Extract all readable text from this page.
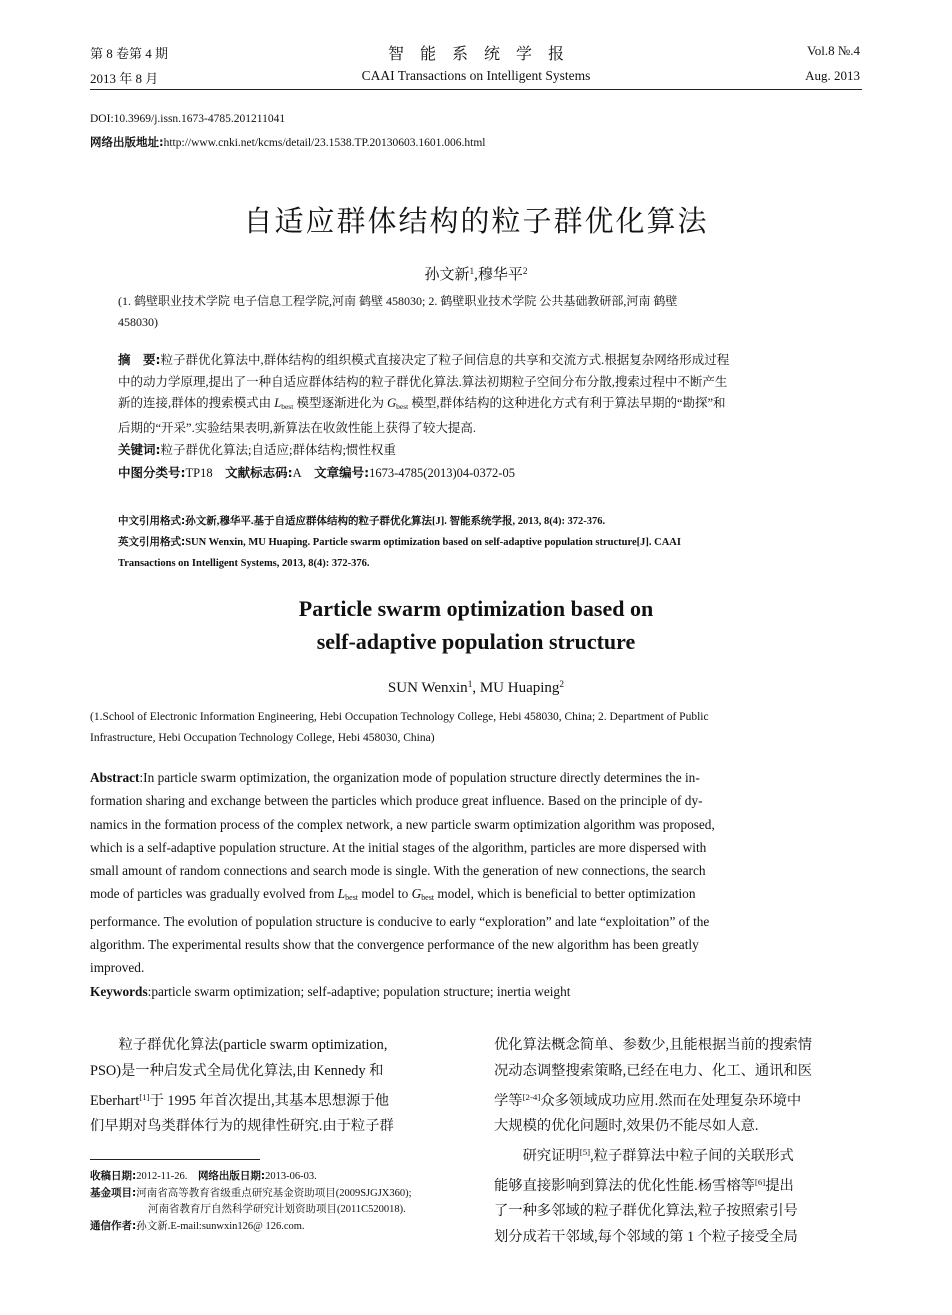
第 8 卷第 4 期
2013 年 8 月
智　能　系　统　学　报
CAAI Transactions on Intelligent Systems
Vol.8 №.4
Aug. 2013
DOI:10.3969/j.issn.1673-4785.201211041
网络出版地址:http://www.cnki.net/kcms/detail/23.1538.TP.20130603.1601.006.html
自适应群体结构的粒子群优化算法
孙文新$^1$,穆华平$^2$
(1. 鹤壁职业技术学院 电子信息工程学院,河南 鹤壁 458030; 2. 鹤壁职业技术学院 公共基础教研部,河南 鹤壁
458030)
摘　要:粒子群优化算法中,群体结构的组织模式直接决定了粒子间信息的共享和交流方式.根据复杂网络形成过程
中的动力学原理,提出了一种自适应群体结构的粒子群优化算法.算法初期粒子空间分布分散,搜索过程中不断产生
新的连接,群体的搜索模式由 $L_{best}$ 模型逐渐进化为 $G_{best}$ 模型,群体结构的这种进化方式有利于算法早期的“勘探”和
后期的“开采”.实验结果表明,新算法在收敛性能上获得了较大提高.
关键词:粒子群优化算法;自适应;群体结构;惯性权重
中图分类号:TP18 文献标志码:A 文章编号:1673-4785(2013)04-0372-05
中文引用格式:孙文新,穆华平.基于自适应群体结构的粒子群优化算法[J]. 智能系统学报, 2013, 8(4): 372-376.
英文引用格式:SUN Wenxin, MU Huaping. Particle swarm optimization based on self-adaptive population structure[J]. CAAI
Transactions on Intelligent Systems, 2013, 8(4): 372-376.
Particle swarm optimization based on
self-adaptive population structure
SUN Wenxin$^1$, MU Huaping$^2$
(1.School of Electronic Information Engineering, Hebi Occupation Technology College, Hebi 458030, China; 2. Department of Public
Infrastructure, Hebi Occupation Technology College, Hebi 458030, China)
Abstract:In particle swarm optimization, the organization mode of population structure directly determines the in-
formation sharing and exchange between the particles which produce great influence. Based on the principle of dy-
namics in the formation process of the complex network, a new particle swarm optimization algorithm was proposed,
which is a self-adaptive population structure. At the initial stages of the algorithm, particles are more dispersed with
small amount of random connections and search mode is single. With the generation of new connections, the search
mode of particles was gradually evolved from $L_{best}$ model to $G_{best}$ model, which is beneficial to better optimization
performance. The evolution of population structure is conducive to early “exploration” and late “exploitation” of the
algorithm. The experimental results show that the convergence performance of the new algorithm has been greatly
improved.
Keywords:particle swarm optimization; self-adaptive; population structure; inertia weight
　　粒子群优化算法(particle swarm optimization,
PSO)是一种启发式全局优化算法,由 Kennedy 和
Eberhart[1]于 1995 年首次提出,其基本思想源于他
们早期对鸟类群体行为的规律性研究.由于粒子群
收稿日期:2012-11-26. 网络出版日期:2013-06-03.
基金项目:河南省高等教育省级重点研究基金资助项目(2009SJGJX360);
河南省教育厅自然科学研究计划资助项目(2011C520018).
通信作者:孙文新.E-mail:sunwxin126@ 126.com.
优化算法概念简单、参数少,且能根据当前的搜索情
况动态调整搜索策略,已经在电力、化工、通讯和医
学等[2-4]众多领域成功应用.然而在处理复杂环境中
大规模的优化问题时,效果仍不能尽如人意.
　　研究证明[5],粒子群算法中粒子间的关联形式
能够直接影响到算法的优化性能.杨雪榕等[6]提出
了一种多邻域的粒子群优化算法,粒子按照索引号
划分成若干邻域,每个邻域的第 1 个粒子接受全局
